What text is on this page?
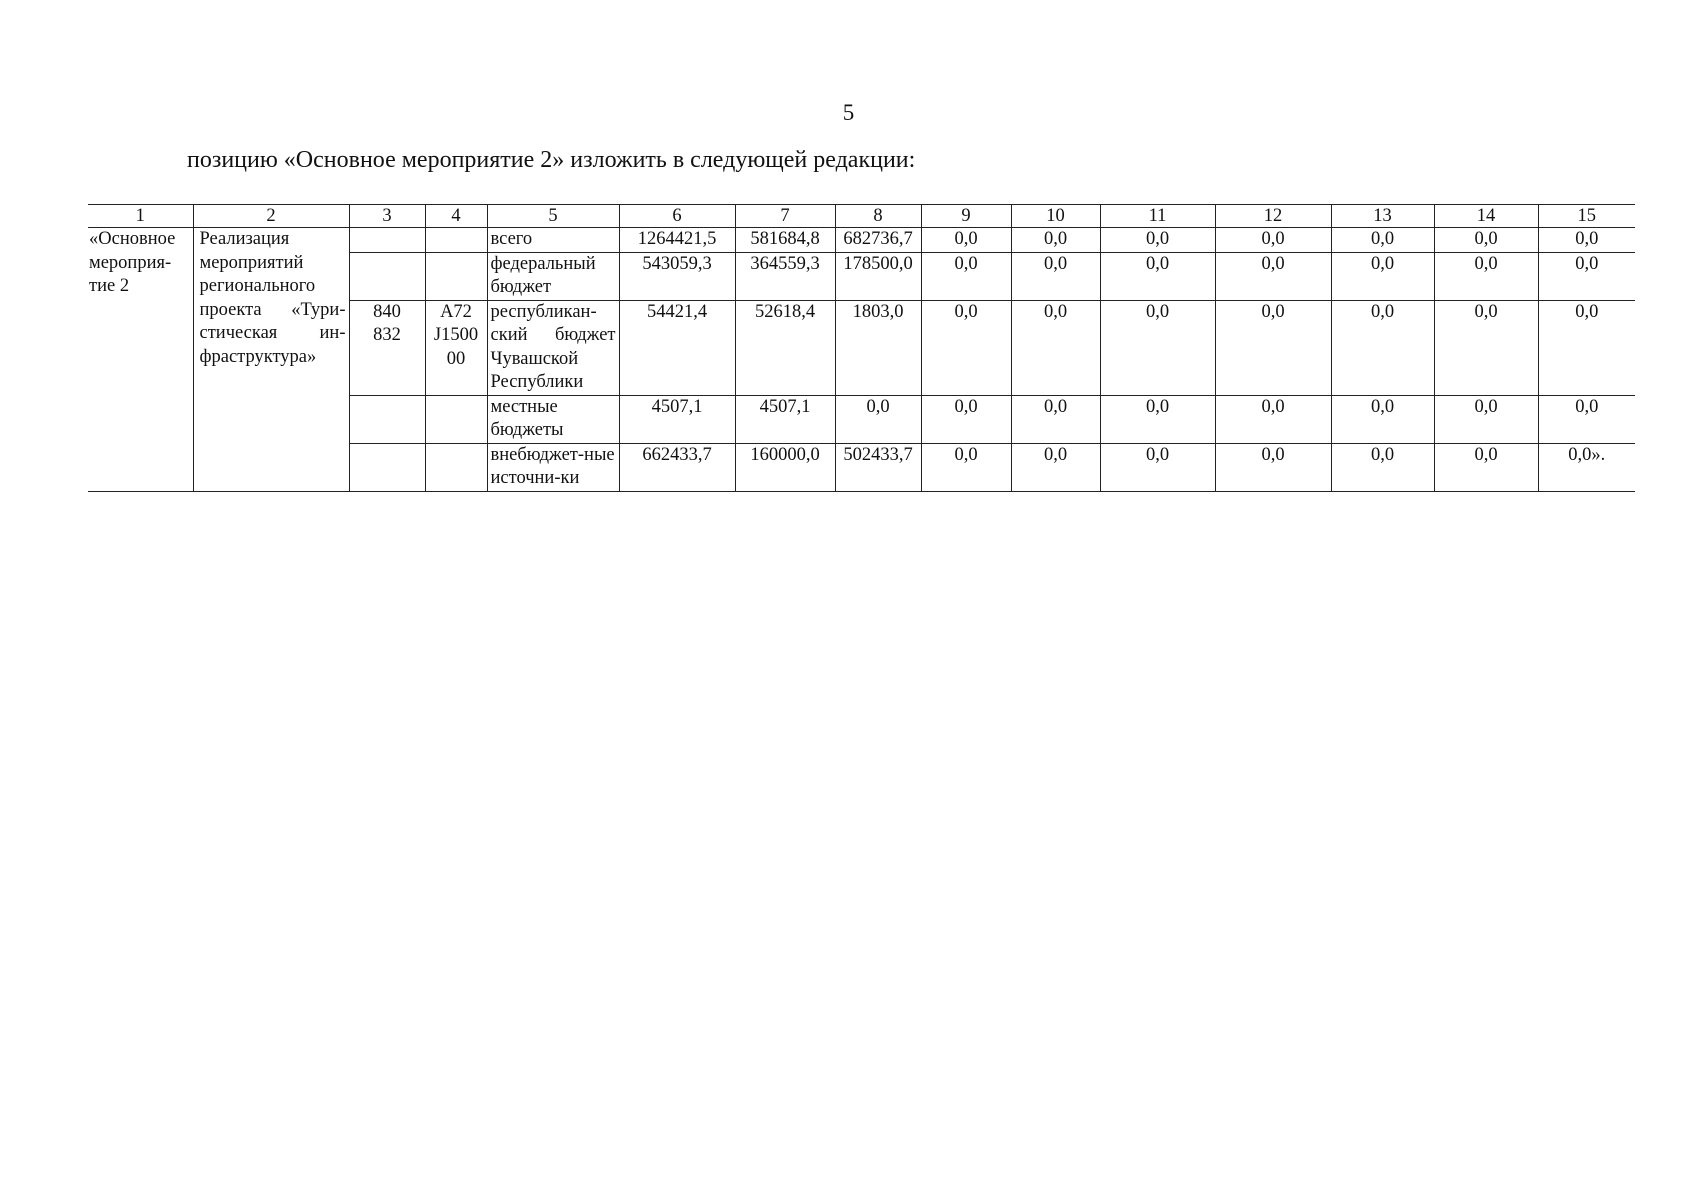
5
позицию «Основное мероприятие 2» изложить в следующей редакции:
1	2	3	4	5	6	7	8	9	10	11	12	13	14	15
«Основное мероприя-тие 2	Реализация мероприятий регионального проекта «Тури-стическая ин-фраструктура»			всего	1264421,5	581684,8	682736,7	0,0	0,0	0,0	0,0	0,0	0,0	0,0
				федеральный бюджет	543059,3	364559,3	178500,0	0,0	0,0	0,0	0,0	0,0	0,0	0,0
		840 832	A72 J1500 00	республикан-ский бюджет Чувашской Республики	54421,4	52618,4	1803,0	0,0	0,0	0,0	0,0	0,0	0,0	0,0
				местные бюджеты	4507,1	4507,1	0,0	0,0	0,0	0,0	0,0	0,0	0,0	0,0
				внебюджет-ные источни-ки	662433,7	160000,0	502433,7	0,0	0,0	0,0	0,0	0,0	0,0	0,0».
